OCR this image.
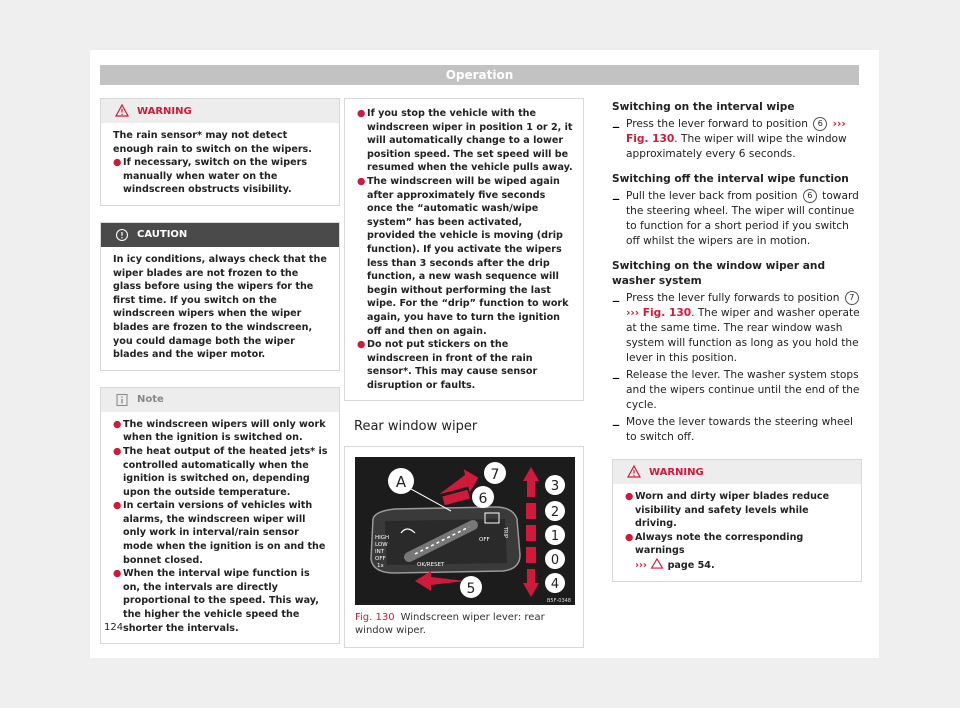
Operation
WARNING

The rain sensor* may not detect enough rain to switch on the wipers.

● If necessary, switch on the wipers manually when water on the windscreen obstructs visibility.
CAUTION

In icy conditions, always check that the wiper blades are not frozen to the glass before using the wipers for the first time. If you switch on the windscreen wipers when the wiper blades are frozen to the windscreen, you could damage both the wiper blades and the wiper motor.

Note
● The windscreen wipers will only work when the ignition is switched on.
● The heat output of the heated jets* is controlled automatically when the ignition is switched on, depending upon the outside temperature.
● In certain versions of vehicles with alarms, the windscreen wiper will only work in interval/rain sensor mode when the ignition is on and the bonnet closed.
● When the interval wipe function is on, the intervals are directly proportional to the speed. This way, the higher the vehicle speed the shorter the intervals.
● If you stop the vehicle with the windscreen wiper in position 1 or 2, it will automatically change to a lower position speed. The set speed will be resumed when the vehicle pulls away.
● The windscreen will be wiped again after approximately five seconds once the “automatic wash/wipe system” has been activated, provided the vehicle is moving (drip function). If you activate the wipers less than 3 seconds after the drip function, a new wash sequence will begin without performing the last wipe. For the “drip” function to work again, you have to turn the ignition off and then on again.
● Do not put stickers on the windscreen in front of the rain sensor*. This may cause sensor disruption or faults.
Rear window wiper
HIGH
LOW
INT
OFF
1x	OK/RESET
OFF
TRIP
A	7
6
5
3
2
1
0
4
B5F-0348
Fig. 130 Windscreen wiper lever: rear window wiper.

Switching on the interval wipe

– Press the lever forward to position 6 ››› Fig. 130. The wiper will wipe the window approximately every 6 seconds.

Switching off the interval wipe function

– Pull the lever back from position 6 toward the steering wheel. The wiper will continue to function for a short period if you switch off whilst the wipers are in motion.

Switching on the window wiper and washer system

– Press the lever fully forwards to position 7 ››› Fig. 130. The wiper and washer operate at the same time. The rear window wash system will function as long as you hold the lever in this position.

– Release the lever. The washer system stops and the wipers continue until the end of the cycle.

– Move the lever towards the steering wheel to switch off.

WARNING
● Worn and dirty wiper blades reduce visibility and safety levels while driving.
● Always note the corresponding warnings
››› page 54.
124
